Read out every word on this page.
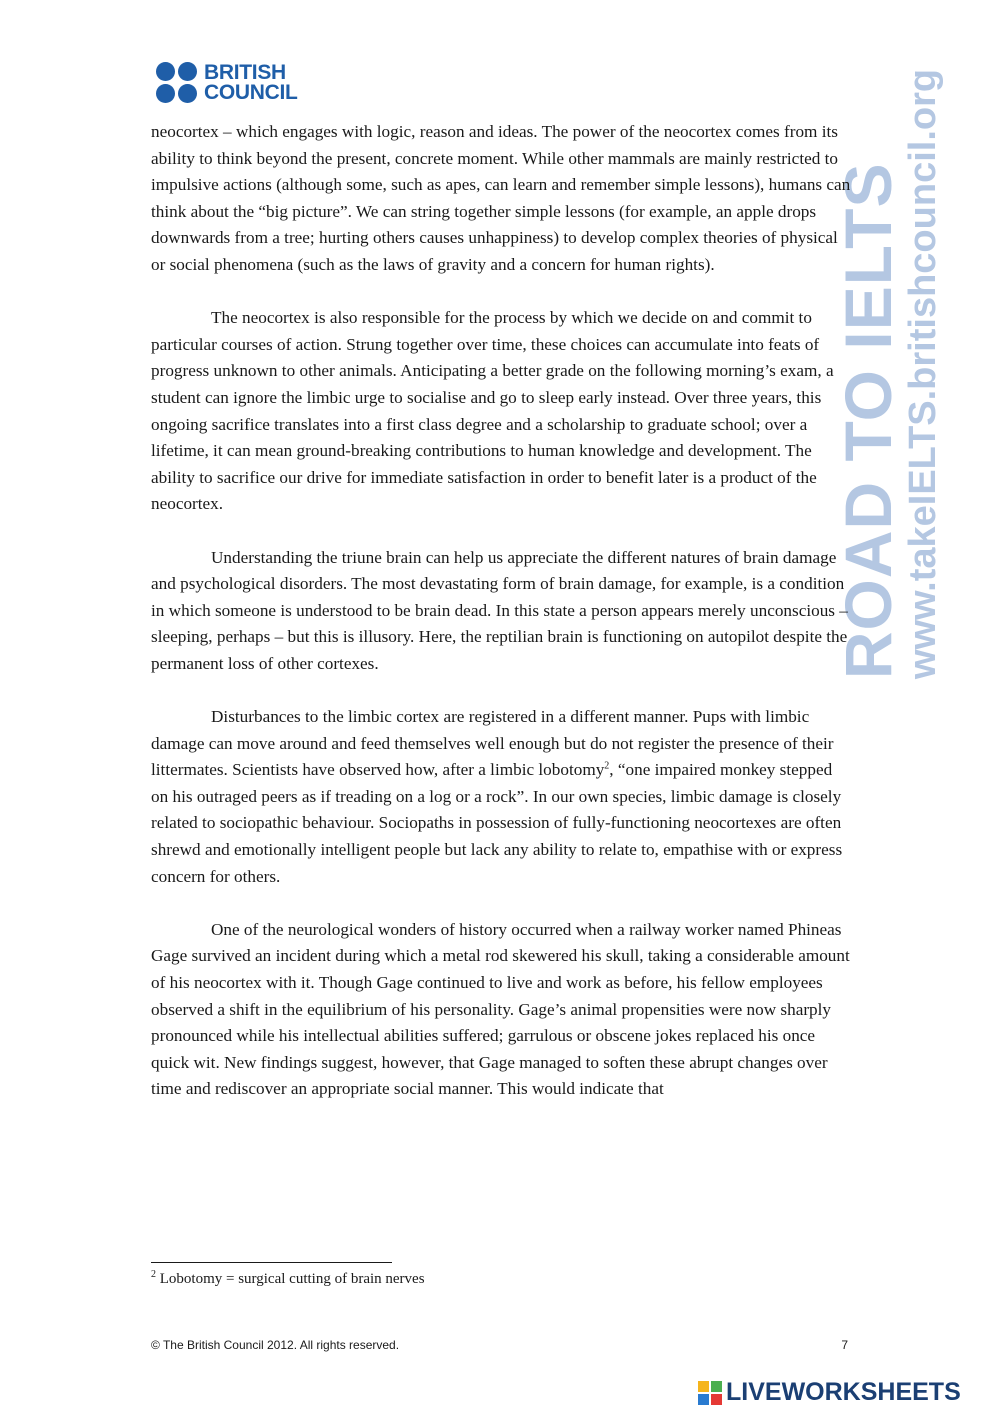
BRITISH
COUNCIL
ROAD TO IELTS
www.takeIELTS.britishcouncil.org

neocortex – which engages with logic, reason and ideas. The power of the neocortex comes from its ability to think beyond the present, concrete moment. While other mammals are mainly restricted to impulsive actions (although some, such as apes, can learn and remember simple lessons), humans can think about the “big picture”. We can string together simple lessons (for example, an apple drops downwards from a tree; hurting others causes unhappiness) to develop complex theories of physical or social phenomena (such as the laws of gravity and a concern for human rights).

The neocortex is also responsible for the process by which we decide on and commit to particular courses of action. Strung together over time, these choices can accumulate into feats of progress unknown to other animals. Anticipating a better grade on the following morning’s exam, a student can ignore the limbic urge to socialise and go to sleep early instead. Over three years, this ongoing sacrifice translates into a first class degree and a scholarship to graduate school; over a lifetime, it can mean ground-breaking contributions to human knowledge and development. The ability to sacrifice our drive for immediate satisfaction in order to benefit later is a product of the neocortex.

Understanding the triune brain can help us appreciate the different natures of brain damage and psychological disorders. The most devastating form of brain damage, for example, is a condition in which someone is understood to be brain dead. In this state a person appears merely unconscious – sleeping, perhaps – but this is illusory. Here, the reptilian brain is functioning on autopilot despite the permanent loss of other cortexes.

Disturbances to the limbic cortex are registered in a different manner. Pups with limbic damage can move around and feed themselves well enough but do not register the presence of their littermates. Scientists have observed how, after a limbic lobotomy$^2$, “one impaired monkey stepped on his outraged peers as if treading on a log or a rock”. In our own species, limbic damage is closely related to sociopathic behaviour. Sociopaths in possession of fully-functioning neocortexes are often shrewd and emotionally intelligent people but lack any ability to relate to, empathise with or express concern for others.

One of the neurological wonders of history occurred when a railway worker named Phineas Gage survived an incident during which a metal rod skewered his skull, taking a considerable amount of his neocortex with it. Though Gage continued to live and work as before, his fellow employees observed a shift in the equilibrium of his personality. Gage’s animal propensities were now sharply pronounced while his intellectual abilities suffered; garrulous or obscene jokes replaced his once quick wit. New findings suggest, however, that Gage managed to soften these abrupt changes over time and rediscover an appropriate social manner. This would indicate that

$^2$ Lobotomy = surgical cutting of brain nerves
© The British Council 2012. All rights reserved.	7
LIVEWORKSHEETS
